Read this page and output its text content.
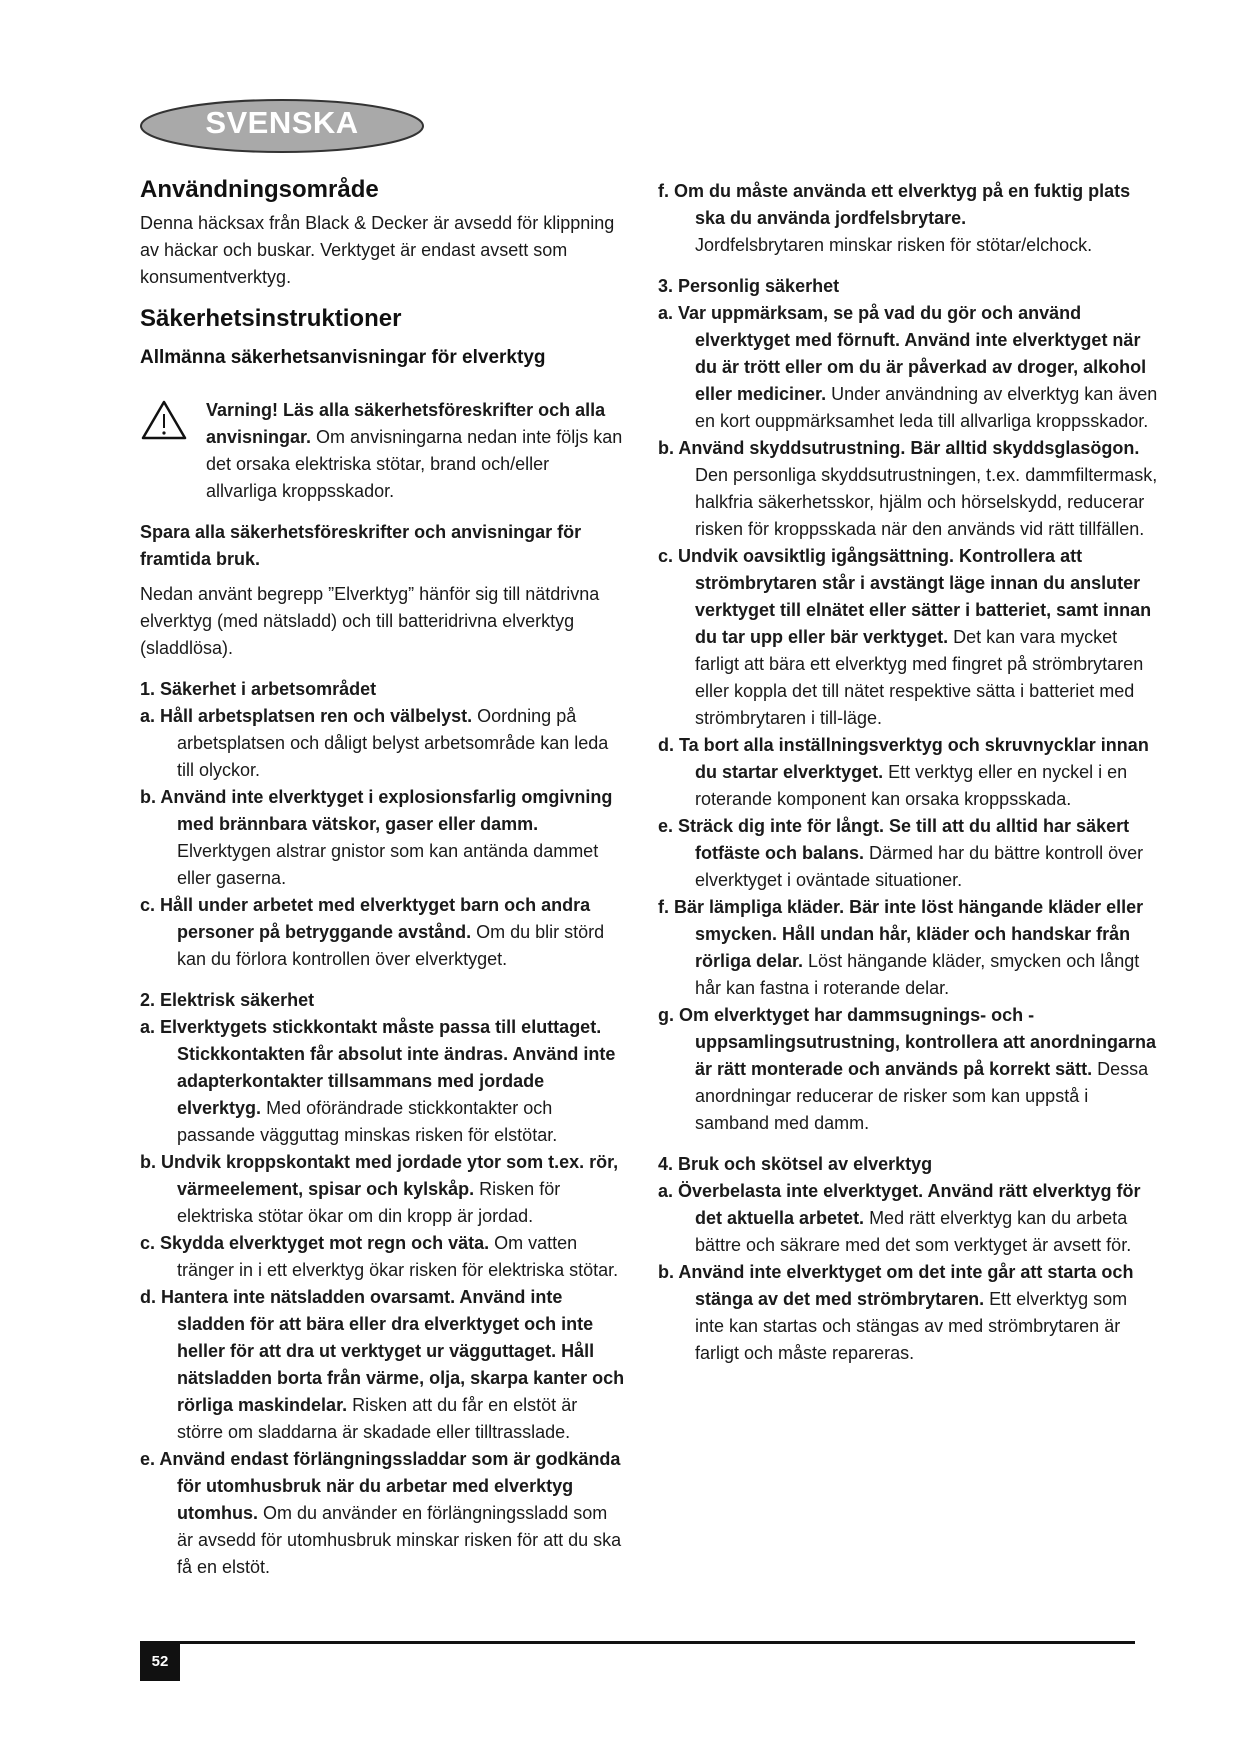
SVENSKA
Användningsområde

Denna häcksax från Black & Decker är avsedd för klippning av häckar och buskar. Verktyget är endast avsett som konsumentverktyg.

Säkerhetsinstruktioner
Allmänna säkerhetsanvisningar för elverktyg

Varning! Läs alla säkerhetsföreskrifter och alla anvisningar. Om anvisningarna nedan inte följs kan det orsaka elektriska stötar, brand och/eller allvarliga kroppsskador.

Spara alla säkerhetsföreskrifter och anvisningar för framtida bruk.

Nedan använt begrepp ”Elverktyg” hänför sig till nätdrivna elverktyg (med nätsladd) och till batteridrivna elverktyg (sladdlösa).

1. Säkerhet i arbetsområdet

a. Håll arbetsplatsen ren och välbelyst. Oordning på arbetsplatsen och dåligt belyst arbetsområde kan leda till olyckor.

b. Använd inte elverktyget i explosionsfarlig omgivning med brännbara vätskor, gaser eller damm. Elverktygen alstrar gnistor som kan antända dammet eller gaserna.

c. Håll under arbetet med elverktyget barn och andra personer på betryggande avstånd. Om du blir störd kan du förlora kontrollen över elverktyget.

2. Elektrisk säkerhet

a. Elverktygets stickkontakt måste passa till eluttaget. Stickkontakten får absolut inte ändras. Använd inte adapterkontakter tillsammans med jordade elverktyg. Med oförändrade stickkontakter och passande vägguttag minskas risken för elstötar.

b. Undvik kroppskontakt med jordade ytor som t.ex. rör, värmeelement, spisar och kylskåp. Risken för elektriska stötar ökar om din kropp är jordad.

c. Skydda elverktyget mot regn och väta. Om vatten tränger in i ett elverktyg ökar risken för elektriska stötar.

d. Hantera inte nätsladden ovarsamt. Använd inte sladden för att bära eller dra elverktyget och inte heller för att dra ut verktyget ur vägguttaget. Håll nätsladden borta från värme, olja, skarpa kanter och rörliga maskindelar. Risken att du får en elstöt är större om sladdarna är skadade eller tilltrasslade.

e. Använd endast förlängningssladdar som är godkända för utomhusbruk när du arbetar med elverktyg utomhus. Om du använder en förlängningssladd som är avsedd för utomhusbruk minskar risken för att du ska få en elstöt.

f. Om du måste använda ett elverktyg på en fuktig plats ska du använda jordfelsbrytare.

Jordfelsbrytaren minskar risken för stötar/elchock.

3. Personlig säkerhet

a. Var uppmärksam, se på vad du gör och använd elverktyget med förnuft. Använd inte elverktyget när du är trött eller om du är påverkad av droger, alkohol eller mediciner. Under användning av elverktyg kan även en kort ouppmärksamhet leda till allvarliga kroppsskador.

b. Använd skyddsutrustning. Bär alltid skyddsglasögon. Den personliga skyddsutrustningen, t.ex. dammfiltermask, halkfria säkerhetsskor, hjälm och hörselskydd, reducerar risken för kroppsskada när den används vid rätt tillfällen.

c. Undvik oavsiktlig igångsättning. Kontrollera att strömbrytaren står i avstängt läge innan du ansluter verktyget till elnätet eller sätter i batteriet, samt innan du tar upp eller bär verktyget. Det kan vara mycket farligt att bära ett elverktyg med fingret på strömbrytaren eller koppla det till nätet respektive sätta i batteriet med strömbrytaren i till-läge.

d. Ta bort alla inställningsverktyg och skruvnycklar innan du startar elverktyget. Ett verktyg eller en nyckel i en roterande komponent kan orsaka kroppsskada.

e. Sträck dig inte för långt. Se till att du alltid har säkert fotfäste och balans. Därmed har du bättre kontroll över elverktyget i oväntade situationer.

f. Bär lämpliga kläder. Bär inte löst hängande kläder eller smycken. Håll undan hår, kläder och handskar från rörliga delar. Löst hängande kläder, smycken och långt hår kan fastna i roterande delar.

g. Om elverktyget har dammsugnings- och -uppsamlingsutrustning, kontrollera att anordningarna är rätt monterade och används på korrekt sätt. Dessa anordningar reducerar de risker som kan uppstå i samband med damm.

4. Bruk och skötsel av elverktyg

a. Överbelasta inte elverktyget. Använd rätt elverktyg för det aktuella arbetet. Med rätt elverktyg kan du arbeta bättre och säkrare med det som verktyget är avsett för.

b. Använd inte elverktyget om det inte går att starta och stänga av det med strömbrytaren. Ett elverktyg som inte kan startas och stängas av med strömbrytaren är farligt och måste repareras.

52
